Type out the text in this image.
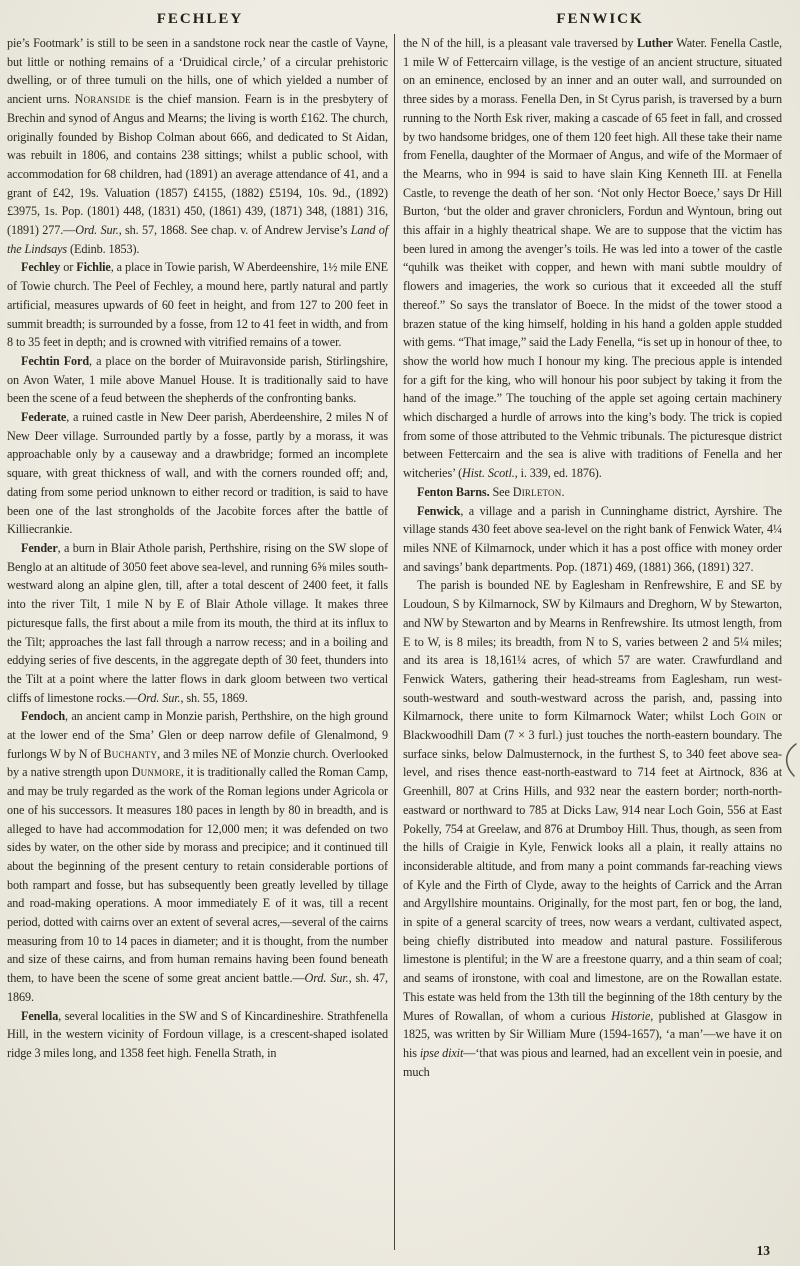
FECHLEY	FENWICK

pie’s Footmark’ is still to be seen in a sandstone rock near the castle of Vayne, but little or nothing remains of a ‘Druidical circle,’ of a circular prehistoric dwelling, or of three tumuli on the hills, one of which yielded a number of ancient urns. Noranside is the chief mansion. Fearn is in the presbytery of Brechin and synod of Angus and Mearns; the living is worth £162. The church, originally founded by Bishop Colman about 666, and dedicated to St Aidan, was rebuilt in 1806, and contains 238 sittings; whilst a public school, with accommodation for 68 children, had (1891) an average attendance of 41, and a grant of £42, 19s. Valuation (1857) £4155, (1882) £5194, 10s. 9d., (1892) £3975, 1s. Pop. (1801) 448, (1831) 450, (1861) 439, (1871) 348, (1881) 316, (1891) 277.—Ord. Sur., sh. 57, 1868. See chap. v. of Andrew Jervise’s Land of the Lindsays (Edinb. 1853).

Fechley or Fichlie, a place in Towie parish, W Aberdeenshire, 1½ mile ENE of Towie church. The Peel of Fechley, a mound here, partly natural and partly artificial, measures upwards of 60 feet in height, and from 127 to 200 feet in summit breadth; is surrounded by a fosse, from 12 to 41 feet in width, and from 8 to 35 feet in depth; and is crowned with vitrified remains of a tower.

Fechtin Ford, a place on the border of Muiravonside parish, Stirlingshire, on Avon Water, 1 mile above Manuel House. It is traditionally said to have been the scene of a feud between the shepherds of the confronting banks.

Federate, a ruined castle in New Deer parish, Aberdeenshire, 2 miles N of New Deer village. Surrounded partly by a fosse, partly by a morass, it was approachable only by a causeway and a drawbridge; formed an incomplete square, with great thickness of wall, and with the corners rounded off; and, dating from some period unknown to either record or tradition, is said to have been one of the last strongholds of the Jacobite forces after the battle of Killiecrankie.

Fender, a burn in Blair Athole parish, Perthshire, rising on the SW slope of Benglo at an altitude of 3050 feet above sea-level, and running 6⅝ miles south-westward along an alpine glen, till, after a total descent of 2400 feet, it falls into the river Tilt, 1 mile N by E of Blair Athole village. It makes three picturesque falls, the first about a mile from its mouth, the third at its influx to the Tilt; approaches the last fall through a narrow recess; and in a boiling and eddying series of five descents, in the aggregate depth of 30 feet, thunders into the Tilt at a point where the latter flows in dark gloom between two vertical cliffs of limestone rocks.—Ord. Sur., sh. 55, 1869.

Fendoch, an ancient camp in Monzie parish, Perthshire, on the high ground at the lower end of the Sma’ Glen or deep narrow defile of Glenalmond, 9 furlongs W by N of Buchanty, and 3 miles NE of Monzie church. Overlooked by a native strength upon Dunmore, it is traditionally called the Roman Camp, and may be truly regarded as the work of the Roman legions under Agricola or one of his successors. It measures 180 paces in length by 80 in breadth, and is alleged to have had accommodation for 12,000 men; it was defended on two sides by water, on the other side by morass and precipice; and it continued till about the beginning of the present century to retain considerable portions of both rampart and fosse, but has subsequently been greatly levelled by tillage and road-making operations. A moor immediately E of it was, till a recent period, dotted with cairns over an extent of several acres,—several of the cairns measuring from 10 to 14 paces in diameter; and it is thought, from the number and size of these cairns, and from human remains having been found beneath them, to have been the scene of some great ancient battle.—Ord. Sur., sh. 47, 1869.

Fenella, several localities in the SW and S of Kincardineshire. Strathfenella Hill, in the western vicinity of Fordoun village, is a crescent-shaped isolated ridge 3 miles long, and 1358 feet high. Fenella Strath, in

the N of the hill, is a pleasant vale traversed by Luther Water. Fenella Castle, 1 mile W of Fettercairn village, is the vestige of an ancient structure, situated on an eminence, enclosed by an inner and an outer wall, and surrounded on three sides by a morass. Fenella Den, in St Cyrus parish, is traversed by a burn running to the North Esk river, making a cascade of 65 feet in fall, and crossed by two handsome bridges, one of them 120 feet high. All these take their name from Fenella, daughter of the Mormaer of Angus, and wife of the Mormaer of the Mearns, who in 994 is said to have slain King Kenneth III. at Fenella Castle, to revenge the death of her son. ‘Not only Hector Boece,’ says Dr Hill Burton, ‘but the older and graver chroniclers, Fordun and Wyntoun, bring out this affair in a highly theatrical shape. We are to suppose that the victim has been lured in among the avenger’s toils. He was led into a tower of the castle “quhilk was theiket with copper, and hewn with mani subtle mouldry of flowers and imageries, the work so curious that it exceeded all the stuff thereof.” So says the translator of Boece. In the midst of the tower stood a brazen statue of the king himself, holding in his hand a golden apple studded with gems. “That image,” said the Lady Fenella, “is set up in honour of thee, to show the world how much I honour my king. The precious apple is intended for a gift for the king, who will honour his poor subject by taking it from the hand of the image.” The touching of the apple set agoing certain machinery which discharged a hurdle of arrows into the king’s body. The trick is copied from some of those attributed to the Vehmic tribunals. The picturesque district between Fettercairn and the sea is alive with traditions of Fenella and her witcheries’ (Hist. Scotl., i. 339, ed. 1876).

Fenton Barns. See Dirleton.

Fenwick, a village and a parish in Cunninghame district, Ayrshire. The village stands 430 feet above sea-level on the right bank of Fenwick Water, 4¼ miles NNE of Kilmarnock, under which it has a post office with money order and savings’ bank departments. Pop. (1871) 469, (1881) 366, (1891) 327.

The parish is bounded NE by Eaglesham in Renfrewshire, E and SE by Loudoun, S by Kilmarnock, SW by Kilmaurs and Dreghorn, W by Stewarton, and NW by Stewarton and by Mearns in Renfrewshire. Its utmost length, from E to W, is 8 miles; its breadth, from N to S, varies between 2 and 5¼ miles; and its area is 18,161¼ acres, of which 57 are water. Crawfurdland and Fenwick Waters, gathering their head-streams from Eaglesham, run west-south-westward and south-westward across the parish, and, passing into Kilmarnock, there unite to form Kilmarnock Water; whilst Loch Goin or Blackwoodhill Dam (7 × 3 furl.) just touches the north-eastern boundary. The surface sinks, below Dalmusternock, in the furthest S, to 340 feet above sea-level, and rises thence east-north-eastward to 714 feet at Airtnock, 836 at Greenhill, 807 at Crins Hills, and 932 near the eastern border; north-north-eastward or northward to 785 at Dicks Law, 914 near Loch Goin, 556 at East Pokelly, 754 at Greelaw, and 876 at Drumboy Hill. Thus, though, as seen from the hills of Craigie in Kyle, Fenwick looks all a plain, it really attains no inconsiderable altitude, and from many a point commands far-reaching views of Kyle and the Firth of Clyde, away to the heights of Carrick and the Arran and Argyllshire mountains. Originally, for the most part, fen or bog, the land, in spite of a general scarcity of trees, now wears a verdant, cultivated aspect, being chiefly distributed into meadow and natural pasture. Fossiliferous limestone is plentiful; in the W are a freestone quarry, and a thin seam of coal; and seams of ironstone, with coal and limestone, are on the Rowallan estate. This estate was held from the 13th till the beginning of the 18th century by the Mures of Rowallan, of whom a curious Historie, published at Glasgow in 1825, was written by Sir William Mure (1594-1657), ‘a man’—we have it on his ipse dixit—‘that was pious and learned, had an excellent vein in poesie, and much

13
